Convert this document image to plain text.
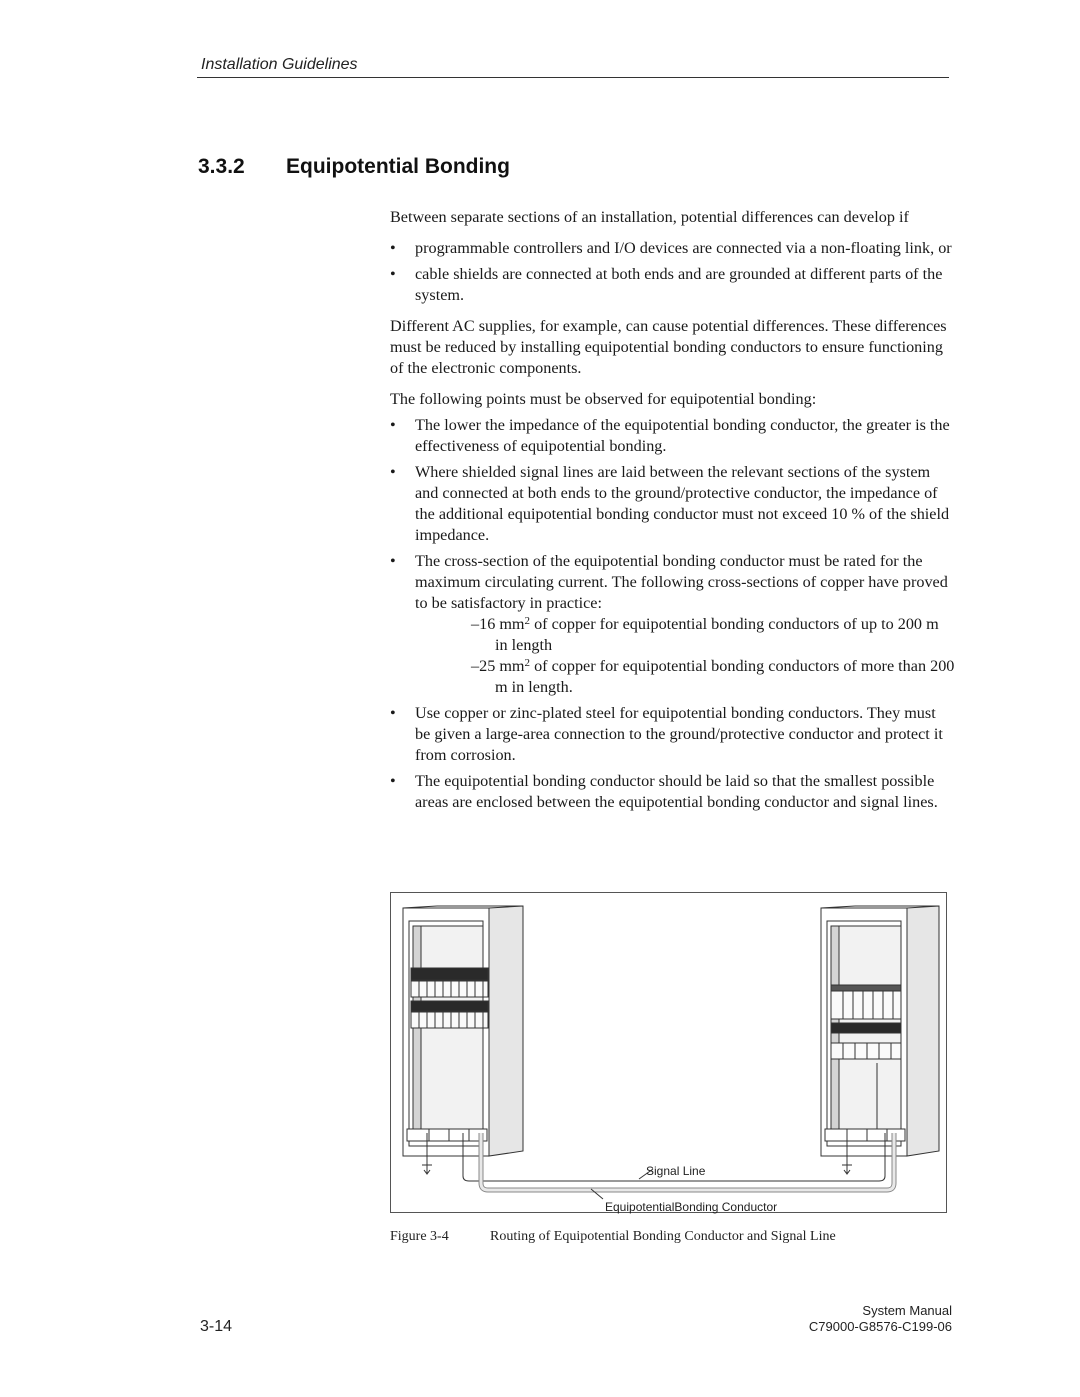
Installation Guidelines
3.3.2 Equipotential Bonding

Between separate sections of an installation, potential differences can develop if

• programmable controllers and I/O devices are connected via a non-floating link, or
• cable shields are connected at both ends and are grounded at different parts of the system.

Different AC supplies, for example, can cause potential differences. These differences must be reduced by installing equipotential bonding conductors to ensure functioning of the electronic components.

The following points must be observed for equipotential bonding:

• The lower the impedance of the equipotential bonding conductor, the greater is the effectiveness of equipotential bonding.
• Where shielded signal lines are laid between the relevant sections of the system and connected at both ends to the ground/protective conductor, the impedance of the additional equipotential bonding conductor must not exceed 10 % of the shield impedance.
• The cross-section of the equipotential bonding conductor must be rated for the maximum circulating current. The following cross-sections of copper have proved to be satisfactory in practice:
–16 $mm^2$ of copper for equipotential bonding conductors of up to 200 m in length
–25 $mm^2$ of copper for equipotential bonding conductors of more than 200 m in length.
• Use copper or zinc-plated steel for equipotential bonding conductors. They must be given a large-area connection to the ground/protective conductor and protect it from corrosion.
• The equipotential bonding conductor should be laid so that the smallest possible areas are enclosed between the equipotential bonding conductor and signal lines.
Signal Line
EquipotentialBonding Conductor
Figure 3-4	Routing of Equipotential Bonding Conductor and Signal Line
3-14
System Manual
C79000-G8576-C199-06
